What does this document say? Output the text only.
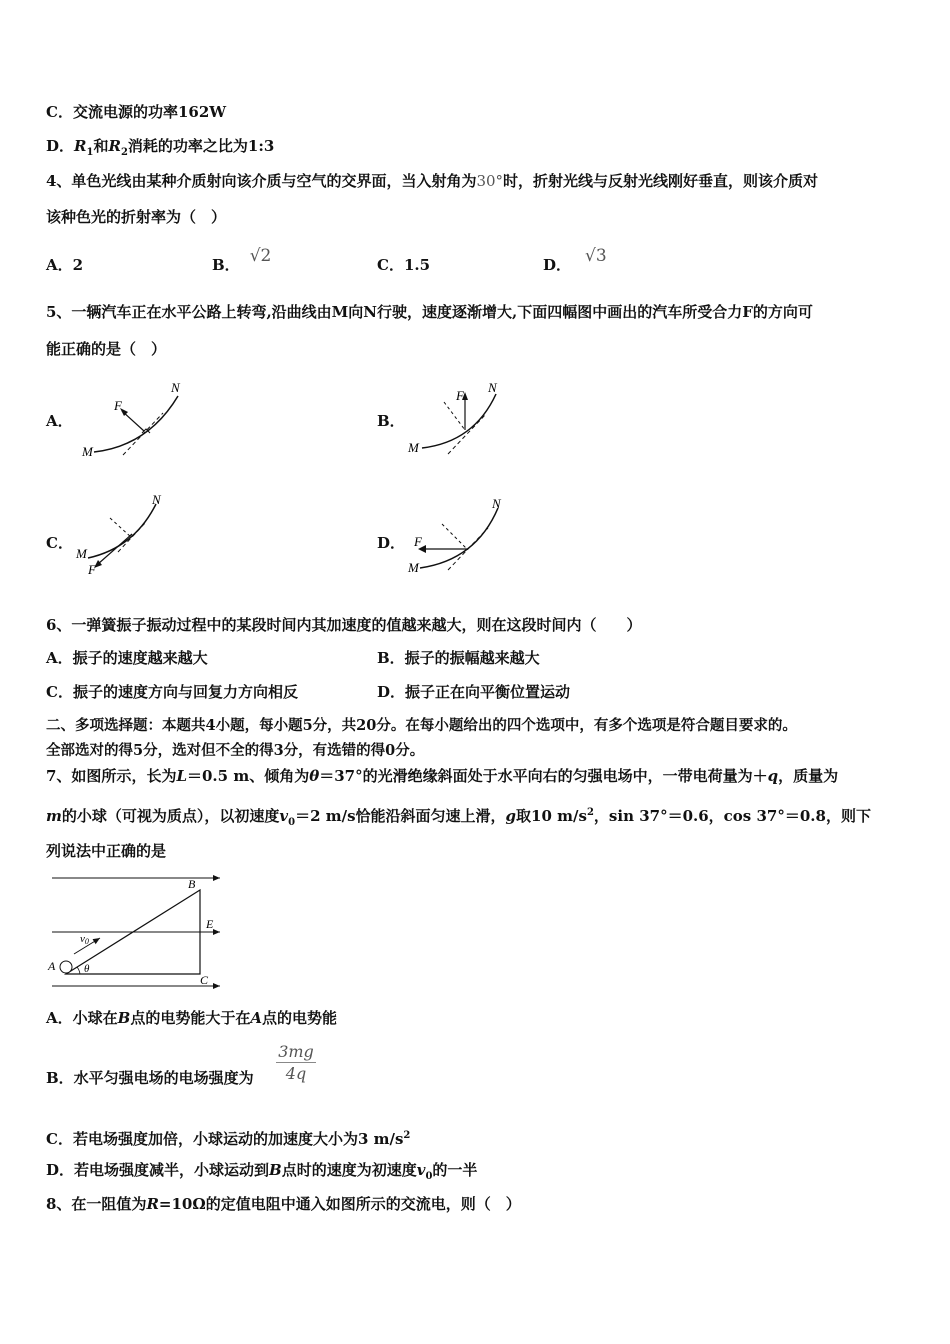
C．交流电源的功率162W
D．$R_1$和$R_2$消耗的功率之比为1:3
4、单色光线由某种介质射向该介质与空气的交界面，当入射角为30°时，折射光线与反射光线刚好垂直，则该介质对
该种色光的折射率为（　）
A．2	B． √2	C．1.5	D． √3
5、一辆汽车正在水平公路上转弯,沿曲线由M向N行驶，速度逐渐增大,下面四幅图中画出的汽车所受合力F的方向可
能正确的是（　）
A．
M
N
F
B．
M
N
F
C．
M
N
F
D．
M
N
F
6、一弹簧振子振动过程中的某段时间内其加速度的值越来越大，则在这段时间内（　　）
A．振子的速度越来越大	B．振子的振幅越来越大
C．振子的速度方向与回复力方向相反	D．振子正在向平衡位置运动
二、多项选择题：本题共4小题，每小题5分，共20分。在每小题给出的四个选项中，有多个选项是符合题目要求的。
全部选对的得5分，选对但不全的得3分，有选错的得0分。
7、如图所示，长为L＝0.5 m、倾角为θ＝37°的光滑绝缘斜面处于水平向右的匀强电场中，一带电荷量为＋q，质量为
m的小球（可视为质点），以初速度$v_0=2$ m/s恰能沿斜面匀速上滑，g取10 $m/s^2$，sin 37°＝0.6，cos 37°＝0.8，则下
列说法中正确的是
A
B
C
E
θ
v0
A．小球在B点的电势能大于在A点的电势能
B．水平匀强电场的电场强度为
3mg
4q
C．若电场强度加倍，小球运动的加速度大小为3 $m/s^2$
D．若电场强度减半，小球运动到B点时的速度为初速度$v_0$的一半
8、在一阻值为R=10Ω的定值电阻中通入如图所示的交流电，则（　）
